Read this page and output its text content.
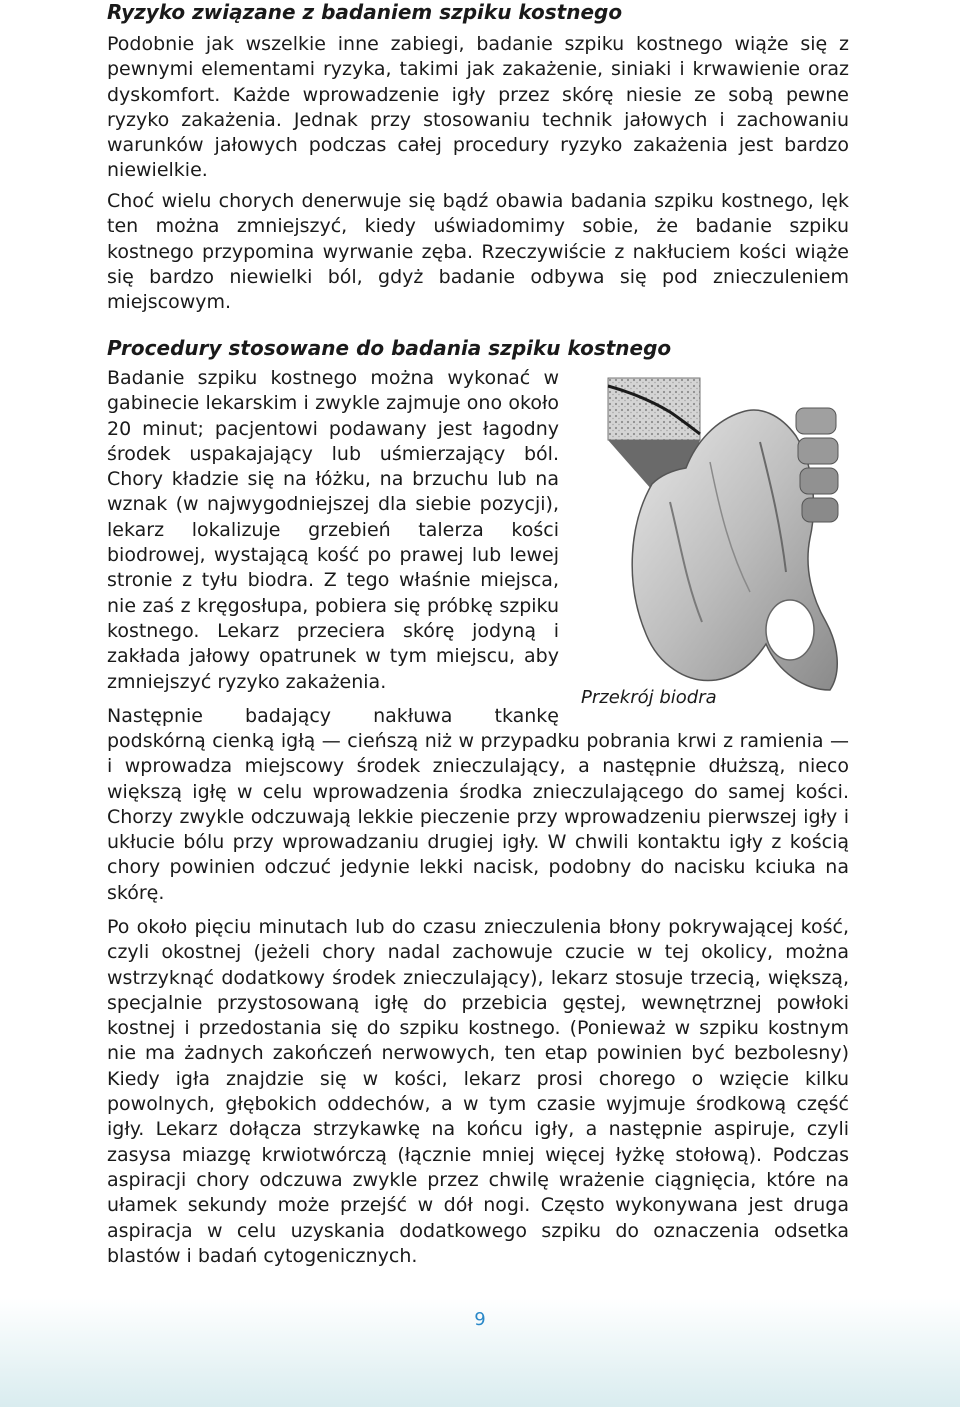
Ryzyko związane z badaniem szpiku kostnego

Podobnie jak wszelkie inne zabiegi, badanie szpiku kostnego wiąże się z pewnymi elementami ryzyka, takimi jak zakażenie, siniaki i krwawienie oraz dyskomfort. Każde wprowadzenie igły przez skórę niesie ze sobą pewne ryzyko zakażenia. Jednak przy stosowaniu technik jałowych i zachowaniu warunków jałowych podczas całej procedury ryzyko zakażenia jest bardzo niewielkie.

Choć wielu chorych denerwuje się bądź obawia badania szpiku kostnego, lęk ten można zmniejszyć, kiedy uświadomimy sobie, że badanie szpiku kostnego przypomina wyrwanie zęba. Rzeczywiście z nakłuciem kości wiąże się bardzo niewielki ból, gdyż badanie odbywa się pod znieczuleniem miejscowym.

Procedury stosowane do badania szpiku kostnego

Badanie szpiku kostnego można wykonać w gabinecie lekarskim i zwykle zajmuje ono około 20 minut; pacjentowi podawany jest łagodny środek uspakajający lub uśmierzający ból. Chory kładzie się na łóżku, na brzuchu lub na wznak (w najwygodniejszej dla siebie pozycji), lekarz lokalizuje grzebień talerza kości biodrowej, wystającą kość po prawej lub lewej stronie z tyłu biodra. Z tego właśnie miejsca, nie zaś z kręgosłupa, pobiera się próbkę szpiku kostnego. Lekarz przeciera skórę jodyną i zakłada jałowy opatrunek w tym miejscu, aby zmniejszyć ryzyko zakażenia.

Przekrój biodra

Następnie badający nakłuwa tkankę

podskórną cienką igłą — cieńszą niż w przypadku pobrania krwi z ramienia — i wprowadza miejscowy środek znieczulający, a następnie dłuższą, nieco większą igłę w celu wprowadzenia środka znieczulającego do samej kości. Chorzy zwykle odczuwają lekkie pieczenie przy wprowadzeniu pierwszej igły i ukłucie bólu przy wprowadzaniu drugiej igły. W chwili kontaktu igły z kością chory powinien odczuć jedynie lekki nacisk, podobny do nacisku kciuka na skórę.

Po około pięciu minutach lub do czasu znieczulenia błony pokrywającej kość, czyli okostnej (jeżeli chory nadal zachowuje czucie w tej okolicy, można wstrzyknąć dodatkowy środek znieczulający), lekarz stosuje trzecią, większą, specjalnie przystosowaną igłę do przebicia gęstej, wewnętrznej powłoki kostnej i przedostania się do szpiku kostnego. (Ponieważ w szpiku kostnym nie ma żadnych zakończeń nerwowych, ten etap powinien być bezbolesny) Kiedy igła znajdzie się w kości, lekarz prosi chorego o wzięcie kilku powolnych, głębokich oddechów, a w tym czasie wyjmuje środkową część igły. Lekarz dołącza strzykawkę na końcu igły, a następnie aspiruje, czyli zasysa miazgę krwiotwórczą (łącznie mniej więcej łyżkę stołową). Podczas aspiracji chory odczuwa zwykle przez chwilę wrażenie ciągnięcia, które na ułamek sekundy może przejść w dół nogi. Często wykonywana jest druga aspiracja w celu uzyskania dodatkowego szpiku do oznaczenia odsetka blastów i badań cytogenicznych.

9
